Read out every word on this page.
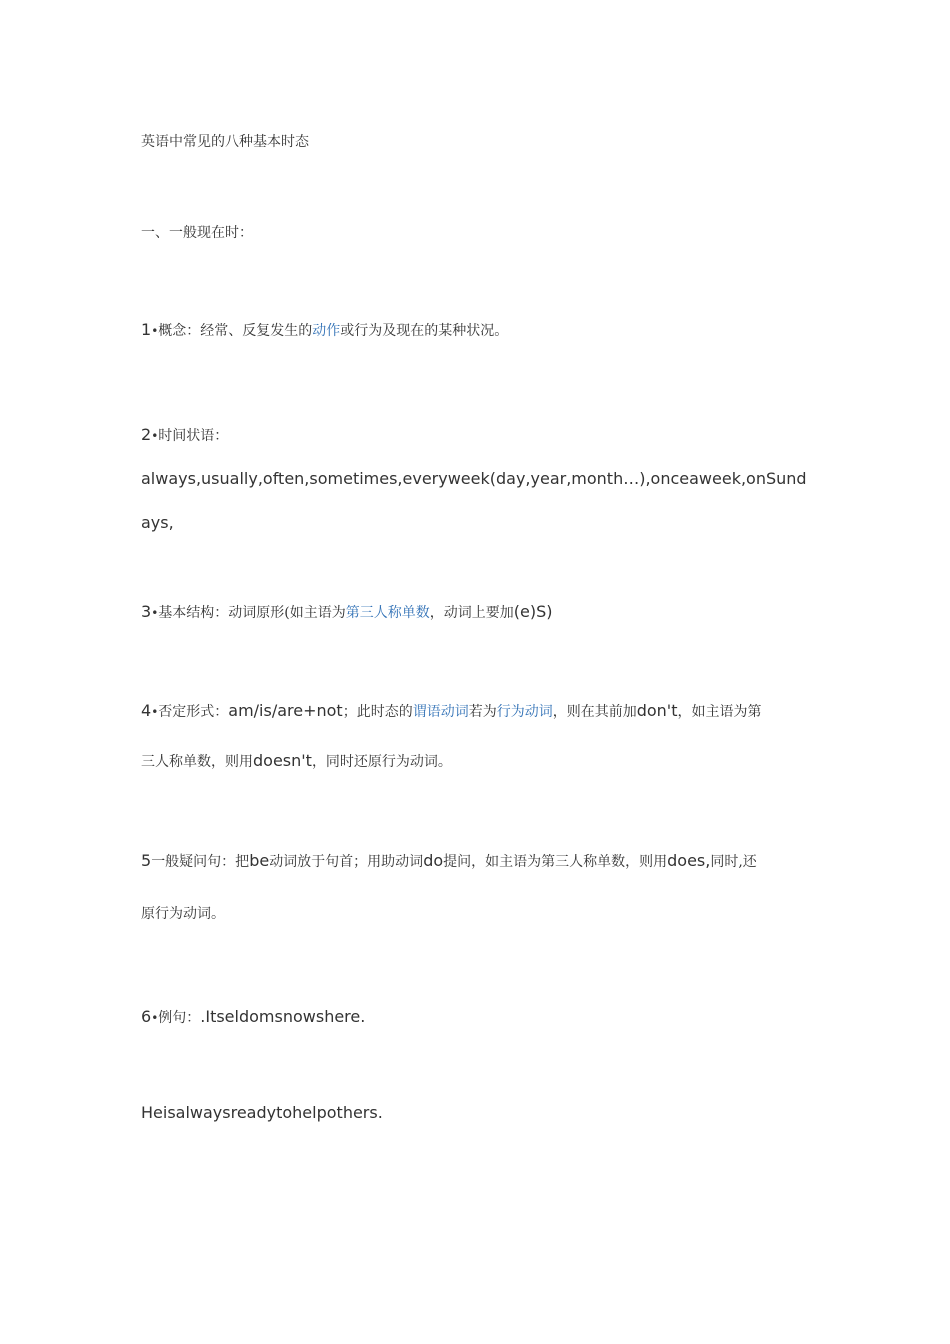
英语中常见的八种基本时态
一、一般现在时：
1•概念：经常、反复发生的动作或行为及现在的某种状况。
2•时间状语：
always,usually,often,sometimes,everyweek(day,year,month…),onceaweek,onSund
ays,
3•基本结构：动词原形(如主语为第三人称单数，动词上要加(e)S)
4•否定形式：am/is/are+not；此时态的谓语动词若为行为动词，则在其前加don't，如主语为第
三人称单数，则用doesn't，同时还原行为动词。
5一般疑问句：把be动词放于句首；用助动词do提问，如主语为第三人称单数，则用does,同时,还
原行为动词。
6•例句：.Itseldomsnowshere.
Heisalwaysreadytohelpothers.
